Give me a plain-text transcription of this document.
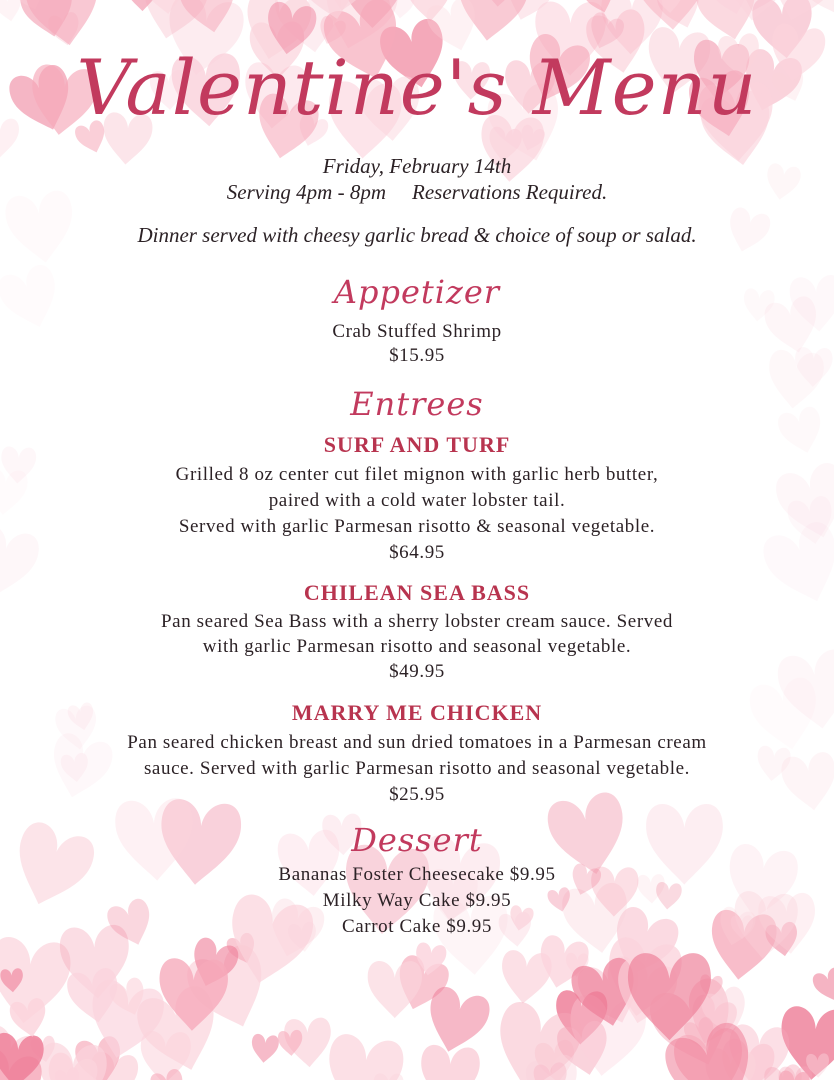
Valentine's Menu
Friday, February 14th
Serving 4pm - 8pm Reservations Required.
Dinner served with cheesy garlic bread & choice of soup or salad.
Appetizer
Crab Stuffed Shrimp
$15.95
Entrees
SURF AND TURF
Grilled 8 oz center cut filet mignon with garlic herb butter,
paired with a cold water lobster tail.
Served with garlic Parmesan risotto & seasonal vegetable.
$64.95
CHILEAN SEA BASS
Pan seared Sea Bass with a sherry lobster cream sauce. Served
with garlic Parmesan risotto and seasonal vegetable.
$49.95
MARRY ME CHICKEN
Pan seared chicken breast and sun dried tomatoes in a Parmesan cream
sauce. Served with garlic Parmesan risotto and seasonal vegetable.
$25.95
Dessert
Bananas Foster Cheesecake $9.95
Milky Way Cake $9.95
Carrot Cake $9.95
